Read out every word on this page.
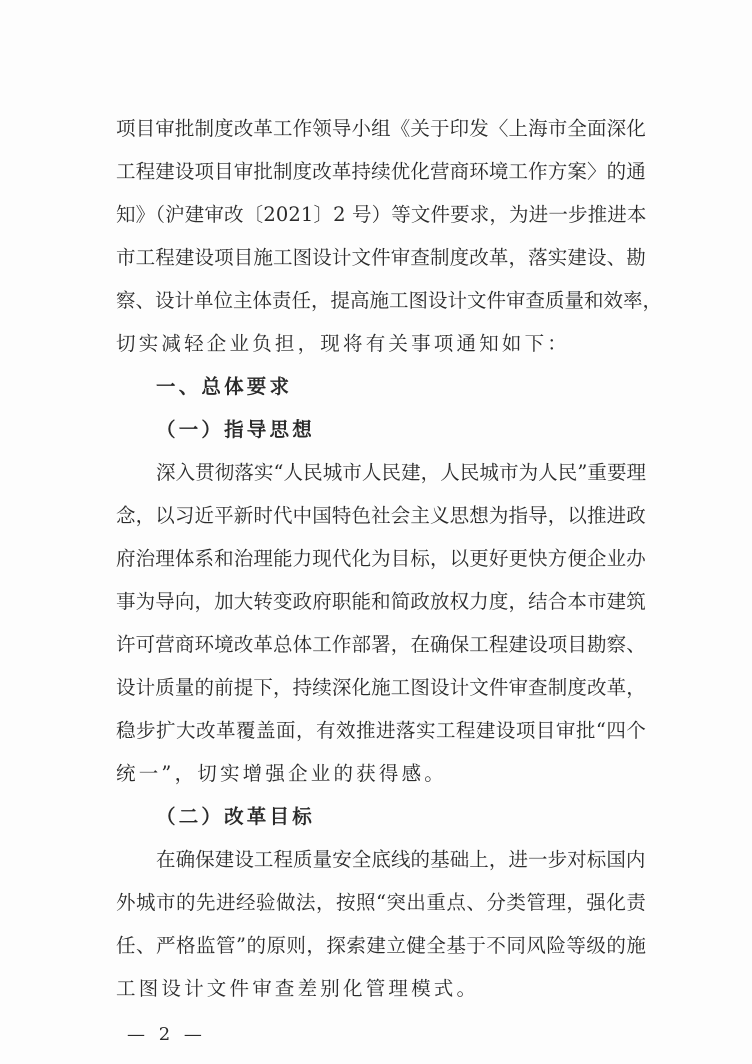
项目审批制度改革工作领导小组《关于印发〈上海市全面深化
工程建设项目审批制度改革持续优化营商环境工作方案〉的通
知》（沪建审改〔2021〕2 号）等文件要求，为进一步推进本
市工程建设项目施工图设计文件审查制度改革，落实建设、勘
察、设计单位主体责任，提高施工图设计文件审查质量和效率，
切实减轻企业负担，现将有关事项通知如下：
一、总体要求
（一）指导思想
深入贯彻落实“人民城市人民建，人民城市为人民”重要理
念，以习近平新时代中国特色社会主义思想为指导，以推进政
府治理体系和治理能力现代化为目标，以更好更快方便企业办
事为导向，加大转变政府职能和简政放权力度，结合本市建筑
许可营商环境改革总体工作部署，在确保工程建设项目勘察、
设计质量的前提下，持续深化施工图设计文件审查制度改革，
稳步扩大改革覆盖面，有效推进落实工程建设项目审批“四个
统一”，切实增强企业的获得感。
（二）改革目标
在确保建设工程质量安全底线的基础上，进一步对标国内
外城市的先进经验做法，按照“突出重点、分类管理，强化责
任、严格监管”的原则，探索建立健全基于不同风险等级的施
工图设计文件审查差别化管理模式。
— 2 —
